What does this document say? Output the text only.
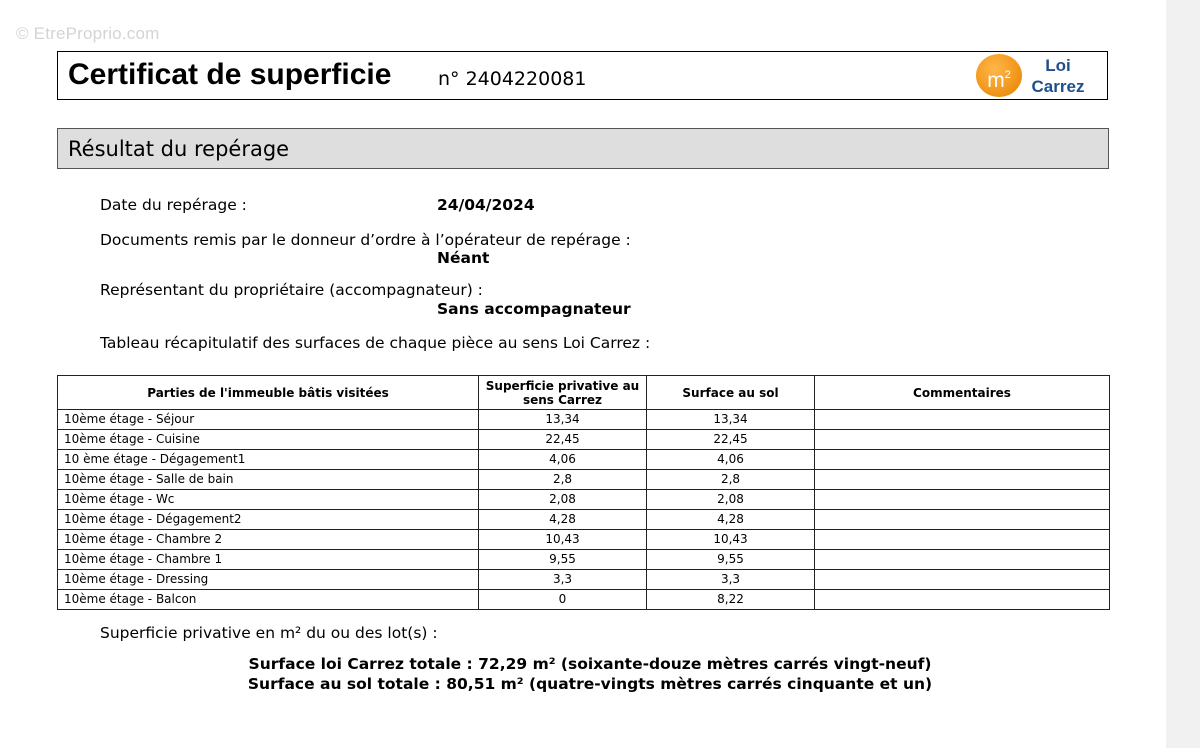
© EtreProprio.com
Certificat de superficie n° 2404220081	$m^2$	Loi
Carrez
Résultat du repérage
Date du repérage :	24/04/2024
Documents remis par le donneur d’ordre à l’opérateur de repérage :
Néant
Représentant du propriétaire (accompagnateur) :
Sans accompagnateur
Tableau récapitulatif des surfaces de chaque pièce au sens Loi Carrez :
Parties de l'immeuble bâtis visitées	Superficie privative au sens Carrez	Surface au sol	Commentaires
10ème étage - Séjour	13,34	13,34	
10ème étage - Cuisine	22,45	22,45	
10 ème étage - Dégagement1	4,06	4,06	
10ème étage - Salle de bain	2,8	2,8	
10ème étage - Wc	2,08	2,08	
10ème étage - Dégagement2	4,28	4,28	
10ème étage - Chambre 2	10,43	10,43	
10ème étage - Chambre 1	9,55	9,55	
10ème étage - Dressing	3,3	3,3	
10ème étage - Balcon	0	8,22	
Superficie privative en m² du ou des lot(s) :
Surface loi Carrez totale : 72,29 m² (soixante-douze mètres carrés vingt-neuf)
Surface au sol totale : 80,51 m² (quatre-vingts mètres carrés cinquante et un)
